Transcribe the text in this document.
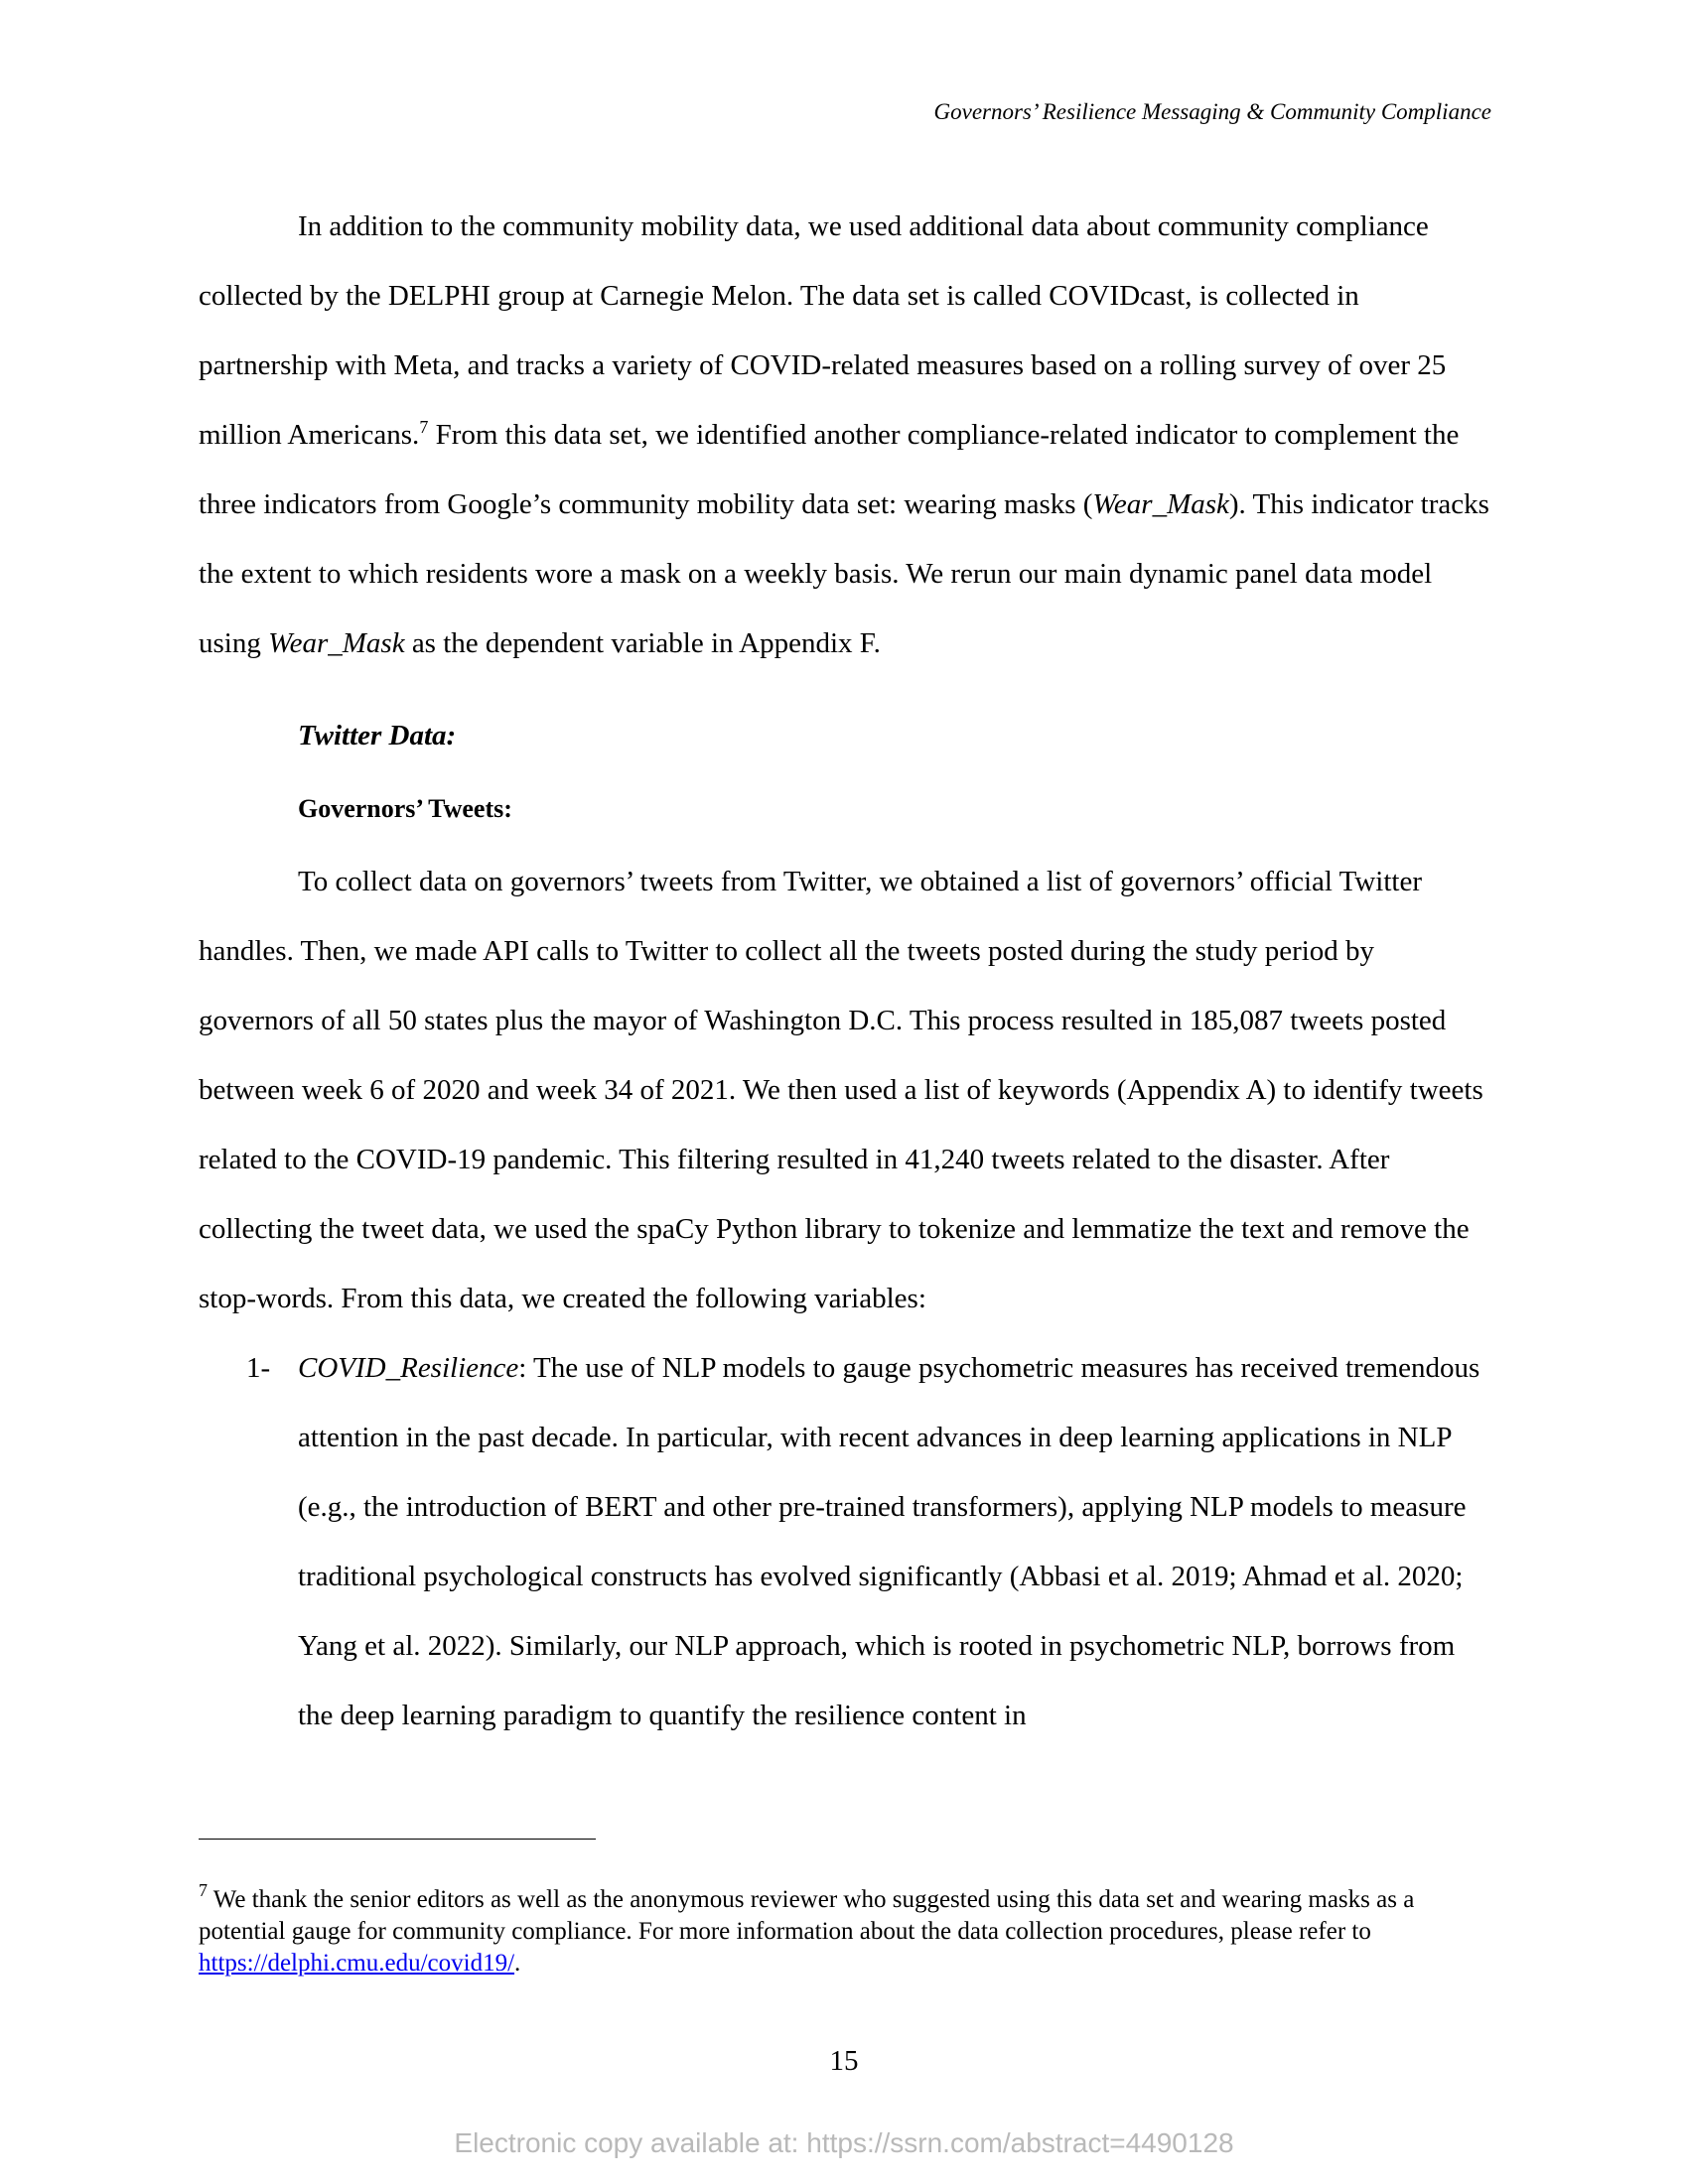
Governors’ Resilience Messaging & Community Compliance

In addition to the community mobility data, we used additional data about community compliance collected by the DELPHI group at Carnegie Melon. The data set is called COVIDcast, is collected in partnership with Meta, and tracks a variety of COVID-related measures based on a rolling survey of over 25 million Americans.$^7$ From this data set, we identified another compliance-related indicator to complement the three indicators from Google’s community mobility data set: wearing masks (Wear_Mask). This indicator tracks the extent to which residents wore a mask on a weekly basis. We rerun our main dynamic panel data model using Wear_Mask as the dependent variable in Appendix F.

Twitter Data:

Governors’ Tweets:

To collect data on governors’ tweets from Twitter, we obtained a list of governors’ official Twitter handles. Then, we made API calls to Twitter to collect all the tweets posted during the study period by governors of all 50 states plus the mayor of Washington D.C. This process resulted in 185,087 tweets posted between week 6 of 2020 and week 34 of 2021. We then used a list of keywords (Appendix A) to identify tweets related to the COVID-19 pandemic. This filtering resulted in 41,240 tweets related to the disaster. After collecting the tweet data, we used the spaCy Python library to tokenize and lemmatize the text and remove the stop-words. From this data, we created the following variables:

1- COVID_Resilience: The use of NLP models to gauge psychometric measures has received tremendous attention in the past decade. In particular, with recent advances in deep learning applications in NLP (e.g., the introduction of BERT and other pre-trained transformers), applying NLP models to measure traditional psychological constructs has evolved significantly (Abbasi et al. 2019; Ahmad et al. 2020; Yang et al. 2022). Similarly, our NLP approach, which is rooted in psychometric NLP, borrows from the deep learning paradigm to quantify the resilience content in
$^7$ We thank the senior editors as well as the anonymous reviewer who suggested using this data set and wearing masks as a potential gauge for community compliance. For more information about the data collection procedures, please refer to https://delphi.cmu.edu/covid19/.
15
Electronic copy available at: https://ssrn.com/abstract=4490128
